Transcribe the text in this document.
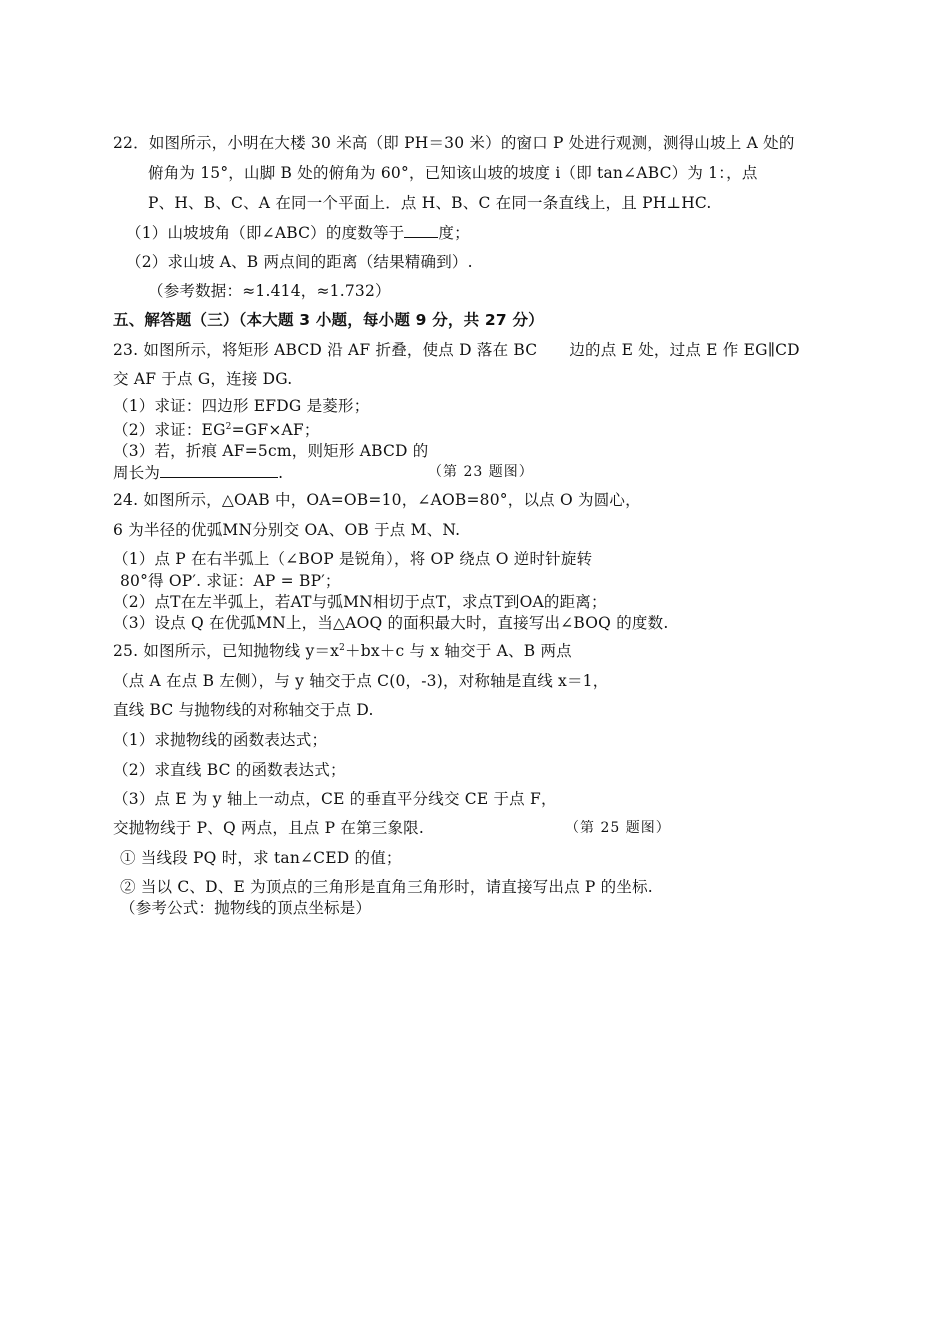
22．如图所示，小明在大楼 30 米高（即 PH＝30 米）的窗口 P 处进行观测，测得山坡上 A 处的
俯角为 15°，山脚 B 处的俯角为 60°，已知该山坡的坡度 i（即 tan∠ABC）为 1：，点
P、H、B、C、A 在同一个平面上．点 H、B、C 在同一条直线上，且 PH⊥HC.
（1）山坡坡角（即∠ABC）的度数等于 度；
（2）求山坡 A、B 两点间的距离（结果精确到）.
（参考数据：≈1.414，≈1.732）
五、解答题（三）（本大题 3 小题，每小题 9 分，共 27 分）
23. 如图所示，将矩形 ABCD 沿 AF 折叠，使点 D 落在 BC 边的点 E 处，过点 E 作 EG∥CD
交 AF 于点 G，连接 DG.
（1）求证：四边形 EFDG 是菱形；
（2）求证：$EG^2=GF\times AF$；
（3）若，折痕 AF=5cm，则矩形 ABCD 的
周长为	.	（第 23 题图）
24. 如图所示，△OAB 中，OA=OB=10，∠AOB=80°，以点 O 为圆心，
6 为半径的优弧MN分别交 OA、OB 于点 M、N.
（1）点 P 在右半弧上（∠BOP 是锐角），将 OP 绕点 O 逆时针旋转
80°得 OP′. 求证：AP = BP′；
（2）点T在左半弧上，若AT与弧MN相切于点T，求点T到OA的距离；
（3）设点 Q 在优弧MN上，当△AOQ 的面积最大时，直接写出∠BOQ 的度数.
25. 如图所示，已知抛物线 $y=x^2+bx+c$ 与 x 轴交于 A、B 两点
（点 A 在点 B 左侧），与 y 轴交于点 C(0，-3)，对称轴是直线 x＝1，
直线 BC 与抛物线的对称轴交于点 D.
（1）求抛物线的函数表达式；
（2）求直线 BC 的函数表达式；
（3）点 E 为 y 轴上一动点，CE 的垂直平分线交 CE 于点 F，
交抛物线于 P、Q 两点，且点 P 在第三象限.	（第 25 题图）
① 当线段 PQ 时，求 tan∠CED 的值；
② 当以 C、D、E 为顶点的三角形是直角三角形时，请直接写出点 P 的坐标.
（参考公式：抛物线的顶点坐标是）
